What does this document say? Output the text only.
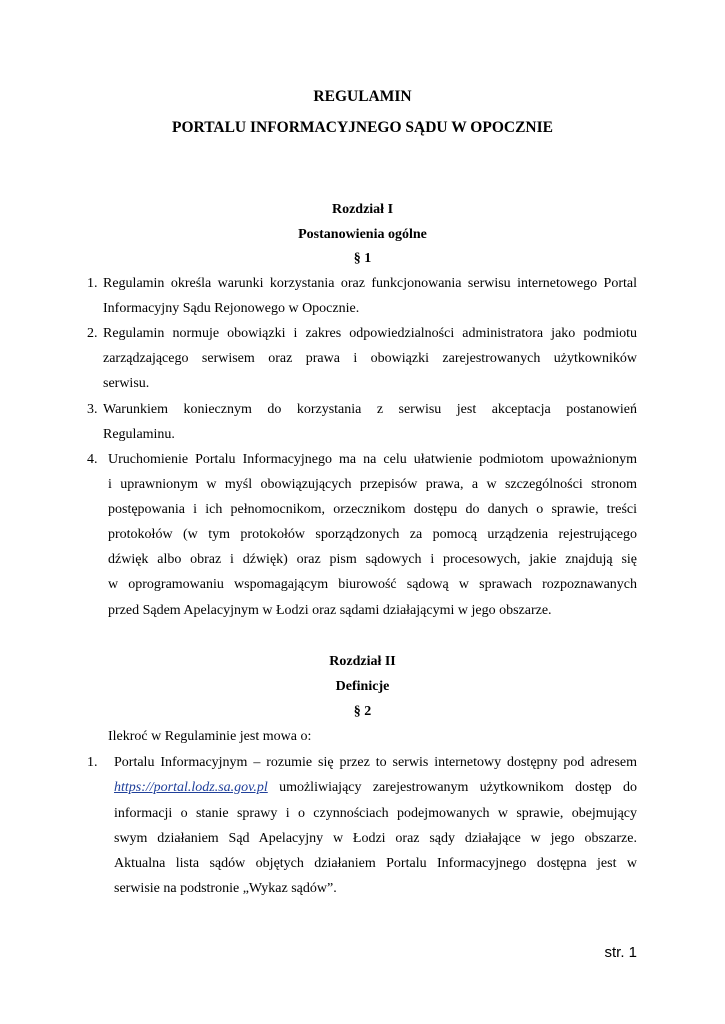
REGULAMIN
PORTALU INFORMACYJNEGO SĄDU W OPOCZNIE
Rozdział I
Postanowienia ogólne
§ 1
1. Regulamin określa warunki korzystania oraz funkcjonowania serwisu internetowego Portal
Informacyjny Sądu Rejonowego w Opocznie.
2. Regulamin normuje obowiązki i zakres odpowiedzialności administratora jako podmiotu
zarządzającego serwisem oraz prawa i obowiązki zarejestrowanych użytkowników
serwisu.
3. Warunkiem koniecznym do korzystania z serwisu jest akceptacja postanowień
Regulaminu.
4. Uruchomienie Portalu Informacyjnego ma na celu ułatwienie podmiotom upoważnionym
i uprawnionym w myśl obowiązujących przepisów prawa, a w szczególności stronom
postępowania i ich pełnomocnikom, orzecznikom dostępu do danych o sprawie, treści
protokołów (w tym protokołów sporządzonych za pomocą urządzenia rejestrującego
dźwięk albo obraz i dźwięk) oraz pism sądowych i procesowych, jakie znajdują się
w oprogramowaniu wspomagającym biurowość sądową w sprawach rozpoznawanych
przed Sądem Apelacyjnym w Łodzi oraz sądami działającymi w jego obszarze.
Rozdział II
Definicje
§ 2
Ilekroć w Regulaminie jest mowa o:
1. Portalu Informacyjnym – rozumie się przez to serwis internetowy dostępny pod adresem
https://portal.lodz.sa.gov.pl umożliwiający zarejestrowanym użytkownikom dostęp do
informacji o stanie sprawy i o czynnościach podejmowanych w sprawie, obejmujący
swym działaniem Sąd Apelacyjny w Łodzi oraz sądy działające w jego obszarze.
Aktualna lista sądów objętych działaniem Portalu Informacyjnego dostępna jest w
serwisie na podstronie „Wykaz sądów”.
str. 1
